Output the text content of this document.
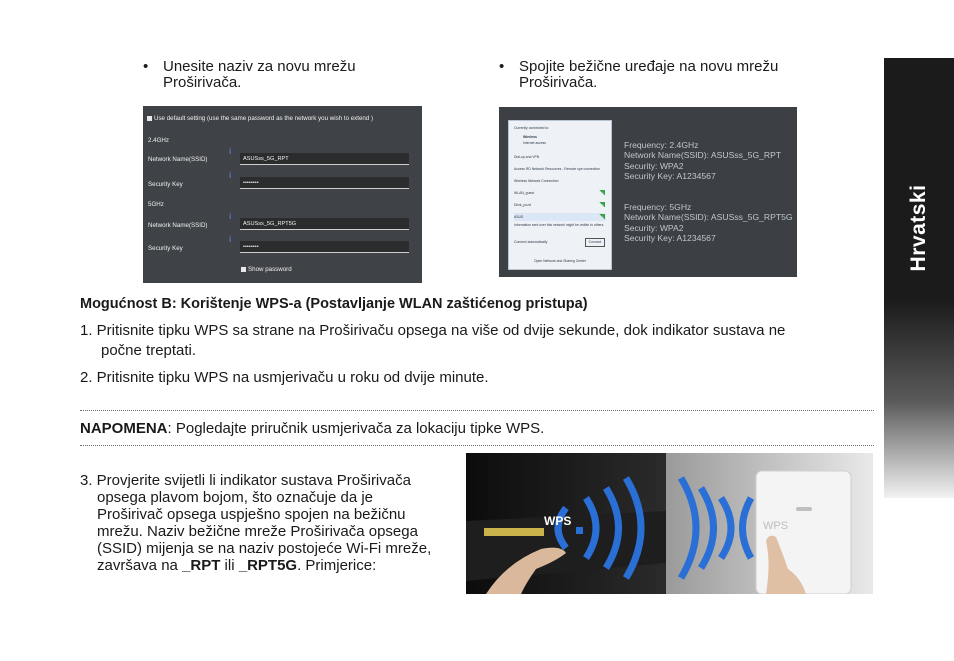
Hrvatski
• Unesite naziv za novu mrežu
Proširivača.
• Spojite bežične uređaje na novu mrežu
Proširivača.
Use default setting (use the same password as the network you wish to extend )
2.4GHz
Network Name(SSID)
ⅰ
ASUSss_5G_RPT
Security Key
ⅰ
••••••••
5GHz
Network Name(SSID)
ⅰ
ASUSss_5G_RPT5G
Security Key
ⅰ
••••••••
Show password
Currently connected to:
Wireless
Internet access
Dial-up and VPN
Access RD Network Resources - Remote spe connection
Wireless Network Connection
WLAN_guest
Dlink_pozd
ASUS
Information sent over this network might be visible to others.
Connect automatically	Connect
Open Network and Sharing Center
Frequency: 2.4GHz
Network Name(SSID): ASUSss_5G_RPT
Security: WPA2
Security Key: A1234567
Frequency: 5GHz
Network Name(SSID): ASUSss_5G_RPT5G
Security: WPA2
Security Key: A1234567
Mogućnost B: Korištenje WPS-a (Postavljanje WLAN zaštićenog pristupa)
1. Pritisnite tipku WPS sa strane na Proširivaču opsega na više od dvije sekunde, dok indikator sustava ne
počne treptati.
2. Pritisnite tipku WPS na usmjerivaču u roku od dvije minute.
NAPOMENA: Pogledajte priručnik usmjerivača za lokaciju tipke WPS.
3. Provjerite svijetli li indikator sustava Proširivača
opsega plavom bojom, što označuje da je
Proširivač opsega uspješno spojen na bežičnu
mrežu. Naziv bežične mreže Proširivača opsega
(SSID) mijenja se na naziv postojeće Wi-Fi mreže,
završava na _RPT ili _RPT5G. Primjerice:
WPS	WPS
